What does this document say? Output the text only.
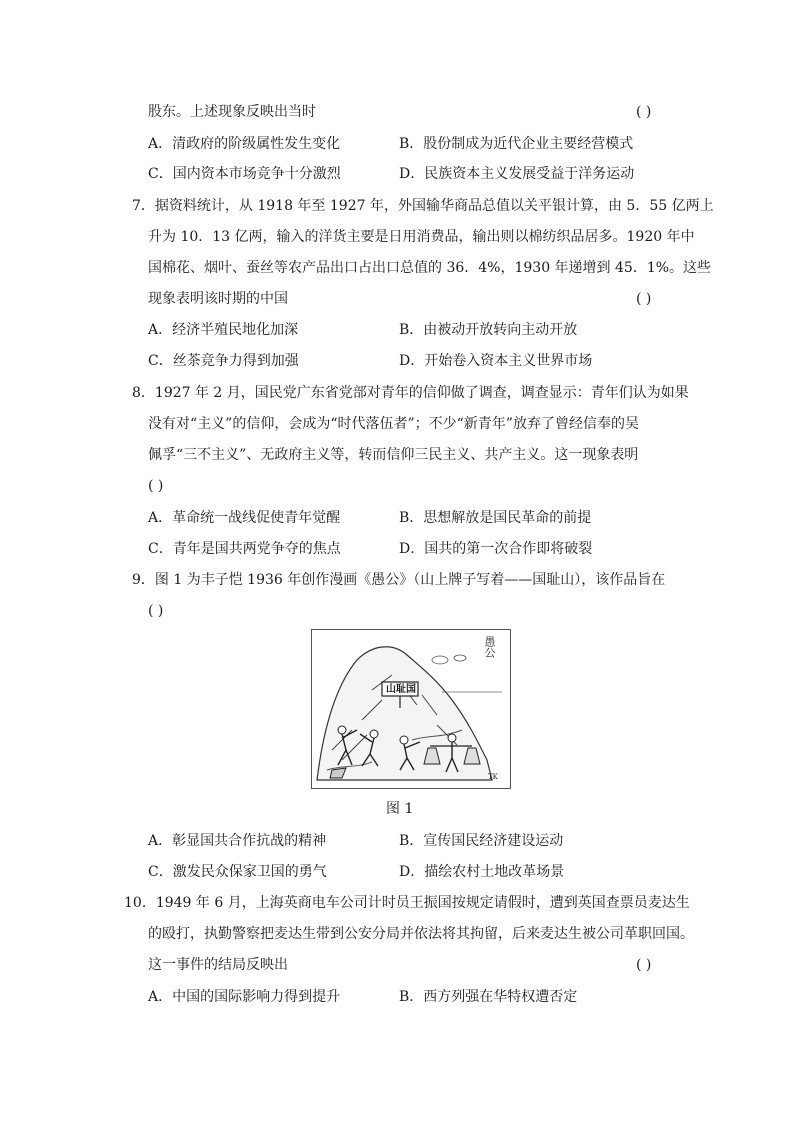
股东。上述现象反映出当时	( )
A．清政府的阶级属性发生变化	B．股份制成为近代企业主要经营模式
C．国内资本市场竞争十分激烈	D．民族资本主义发展受益于洋务运动
7．据资料统计，从 1918 年至 1927 年，外国输华商品总值以关平银计算，由 5．55 亿两上
升为 10．13 亿两，输入的洋货主要是日用消费品，输出则以棉纺织品居多。1920 年中
国棉花、烟叶、蚕丝等农产品出口占出口总值的 36．4%，1930 年递增到 45．1%。这些
现象表明该时期的中国	( )
A．经济半殖民地化加深	B．由被动开放转向主动开放
C．丝茶竞争力得到加强	D．开始卷入资本主义世界市场
8．1927 年 2 月，国民党广东省党部对青年的信仰做了调查，调查显示：青年们认为如果
没有对“主义”的信仰，会成为“时代落伍者”；不少“新青年”放弃了曾经信奉的吴
佩孚“三不主义”、无政府主义等，转而信仰三民主义、共产主义。这一现象表明
( )
A．革命统一战线促使青年觉醒	B．思想解放是国民革命的前提
C．青年是国共两党争夺的焦点	D．国共的第一次合作即将破裂
9．图 1 为丰子恺 1936 年创作漫画《愚公》（山上牌子写着——国耻山），该作品旨在
( )
山耻国
愚公
TK
图 1
A．彰显国共合作抗战的精神	B．宣传国民经济建设运动
C．激发民众保家卫国的勇气	D．描绘农村土地改革场景
10．1949 年 6 月，上海英商电车公司计时员王振国按规定请假时，遭到英国查票员麦达生
的殴打，执勤警察把麦达生带到公安分局并依法将其拘留，后来麦达生被公司革职回国。
这一事件的结局反映出	( )
A．中国的国际影响力得到提升	B．西方列强在华特权遭否定
